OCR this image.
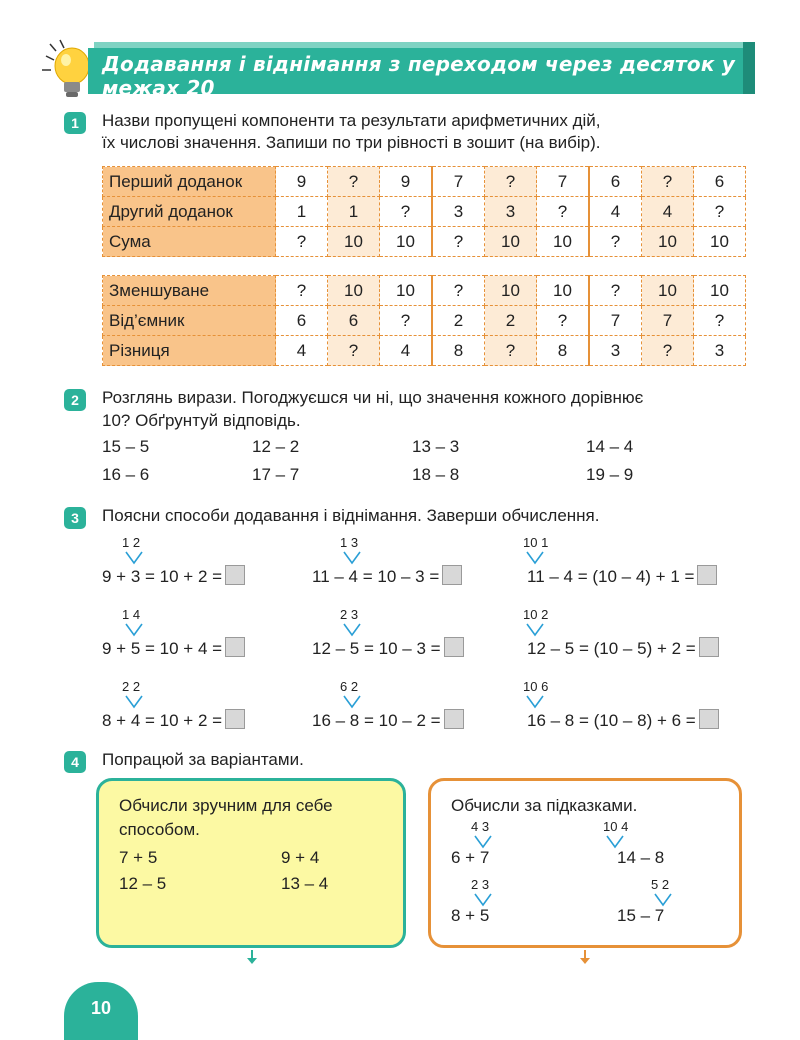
Додавання і віднімання з переходом через десяток у межах 20
1	Назви пропущені компоненти та результати арифметичних дій,
їх числові значення. Запиши по три рівності в зошит (на вибір).
Перший доданок	9	?	9	7	?	7	6	?	6
Другий доданок	1	1	?	3	3	?	4	4	?
Сума	?	10	10	?	10	10	?	10	10
Зменшуване	?	10	10	?	10	10	?	10	10
Від’ємник	6	6	?	2	2	?	7	7	?
Різниця	4	?	4	8	?	8	3	?	3
2	Розглянь вирази. Погоджуєшся чи ні, що значення кожного дорівнює
10? Обґрунтуй відповідь.
15 – 5	12 – 2	13 – 3	14 – 4
16 – 6	17 – 7	18 – 8	19 – 9
3	Поясни способи додавання і віднімання. Заверши обчислення.
1 2
9 + 3 = 10 + 2 =
1 3
11 – 4 = 10 – 3 =
10 1
11 – 4 = (10 – 4) + 1 =
1 4
9 + 5 = 10 + 4 =
2 3
12 – 5 = 10 – 3 =
10 2
12 – 5 = (10 – 5) + 2 =
2 2
8 + 4 = 10 + 2 =
6 2
16 – 8 = 10 – 2 =
10 6
16 – 8 = (10 – 8) + 6 =
4	Попрацюй за варіантами.
Обчисли зручним для себе
способом.
7 + 5	9 + 4
12 – 5	13 – 4
Обчисли за підказками.
4 3
6 + 7
10 4
14 – 8
2 3
8 + 5
5 2
15 – 7
10
